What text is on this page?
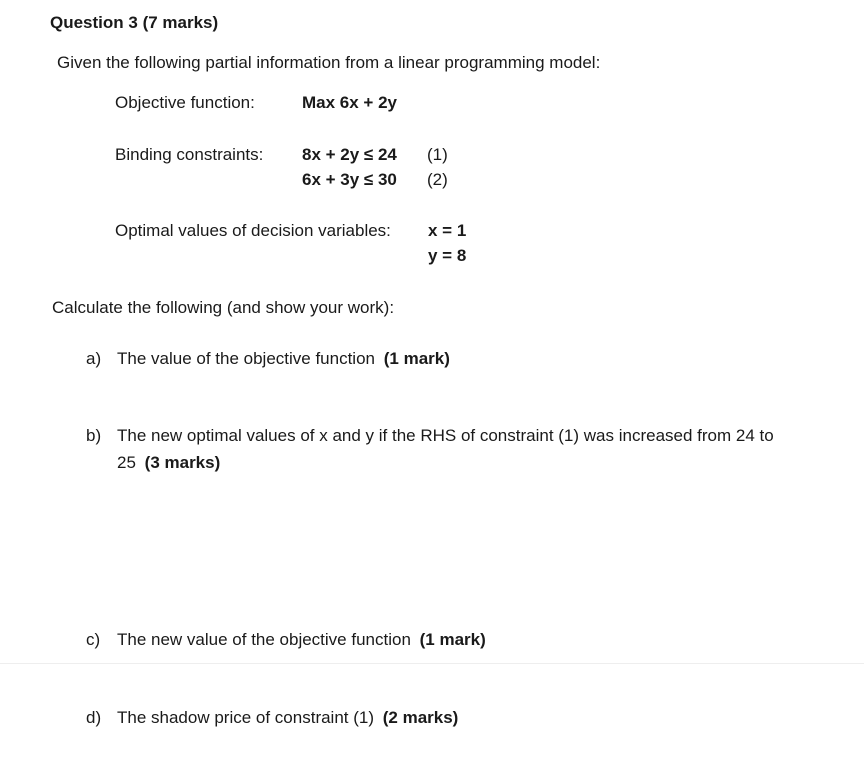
Question 3 (7 marks)
Given the following partial information from a linear programming model:
Objective function:	Max 6x + 2y
Binding constraints: 8x + 2y ≤ 24 (1)
6x + 3y ≤ 30 (2)
Optimal values of decision variables: x = 1
y = 8
Calculate the following (and show your work):
a) The value of the objective function (1 mark)
b) The new optimal values of x and y if the RHS of constraint (1) was increased from 24 to
25 (3 marks)
c) The new value of the objective function (1 mark)
d) The shadow price of constraint (1) (2 marks)
